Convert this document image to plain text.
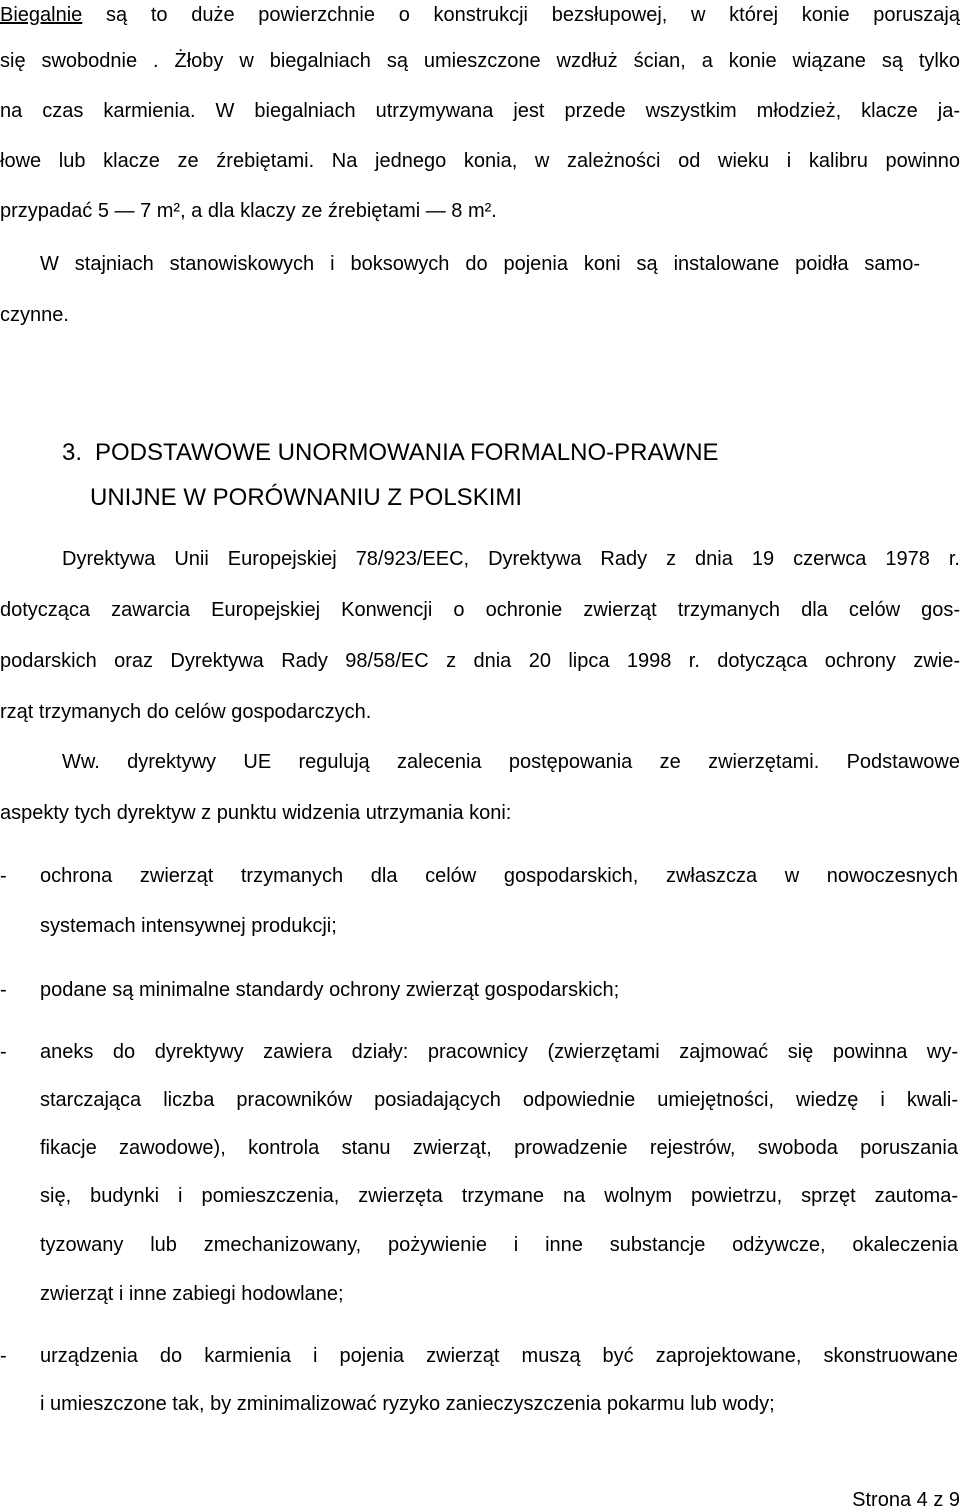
Biegalnie są to duże powierzchnie o konstrukcji bezsłupowej, w której konie poruszają
się swobodnie . Żłoby w biegalniach są umieszczone wzdłuż ścian, a konie wiązane są tylko
na czas karmienia. W biegalniach utrzymywana jest przede wszystkim młodzież, klacze ja-
łowe lub klacze ze źrebiętami. Na jednego konia, w zależności od wieku i kalibru powinno
przypadać 5 — 7 m², a dla klaczy ze źrebiętami — 8 m².
W stajniach stanowiskowych i boksowych do pojenia koni są instalowane poidła samo-
czynne.
3. PODSTAWOWE UNORMOWANIA FORMALNO-PRAWNE
UNIJNE W PORÓWNANIU Z POLSKIMI
Dyrektywa Unii Europejskiej 78/923/EEC, Dyrektywa Rady z dnia 19 czerwca 1978 r.
dotycząca zawarcia Europejskiej Konwencji o ochronie zwierząt trzymanych dla celów gos-
podarskich oraz Dyrektywa Rady 98/58/EC z dnia 20 lipca 1998 r. dotycząca ochrony zwie-
rząt trzymanych do celów gospodarczych.
Ww. dyrektywy UE regulują zalecenia postępowania ze zwierzętami. Podstawowe
aspekty tych dyrektyw z punktu widzenia utrzymania koni:
- ochrona zwierząt trzymanych dla celów gospodarskich, zwłaszcza w nowoczesnych
systemach intensywnej produkcji;
- podane są minimalne standardy ochrony zwierząt gospodarskich;
- aneks do dyrektywy zawiera działy: pracownicy (zwierzętami zajmować się powinna wy-
starczająca liczba pracowników posiadających odpowiednie umiejętności, wiedzę i kwali-
fikacje zawodowe), kontrola stanu zwierząt, prowadzenie rejestrów, swoboda poruszania
się, budynki i pomieszczenia, zwierzęta trzymane na wolnym powietrzu, sprzęt zautoma-
tyzowany lub zmechanizowany, pożywienie i inne substancje odżywcze, okaleczenia
zwierząt i inne zabiegi hodowlane;
- urządzenia do karmienia i pojenia zwierząt muszą być zaprojektowane, skonstruowane
i umieszczone tak, by zminimalizować ryzyko zanieczyszczenia pokarmu lub wody;
Strona 4 z 9
